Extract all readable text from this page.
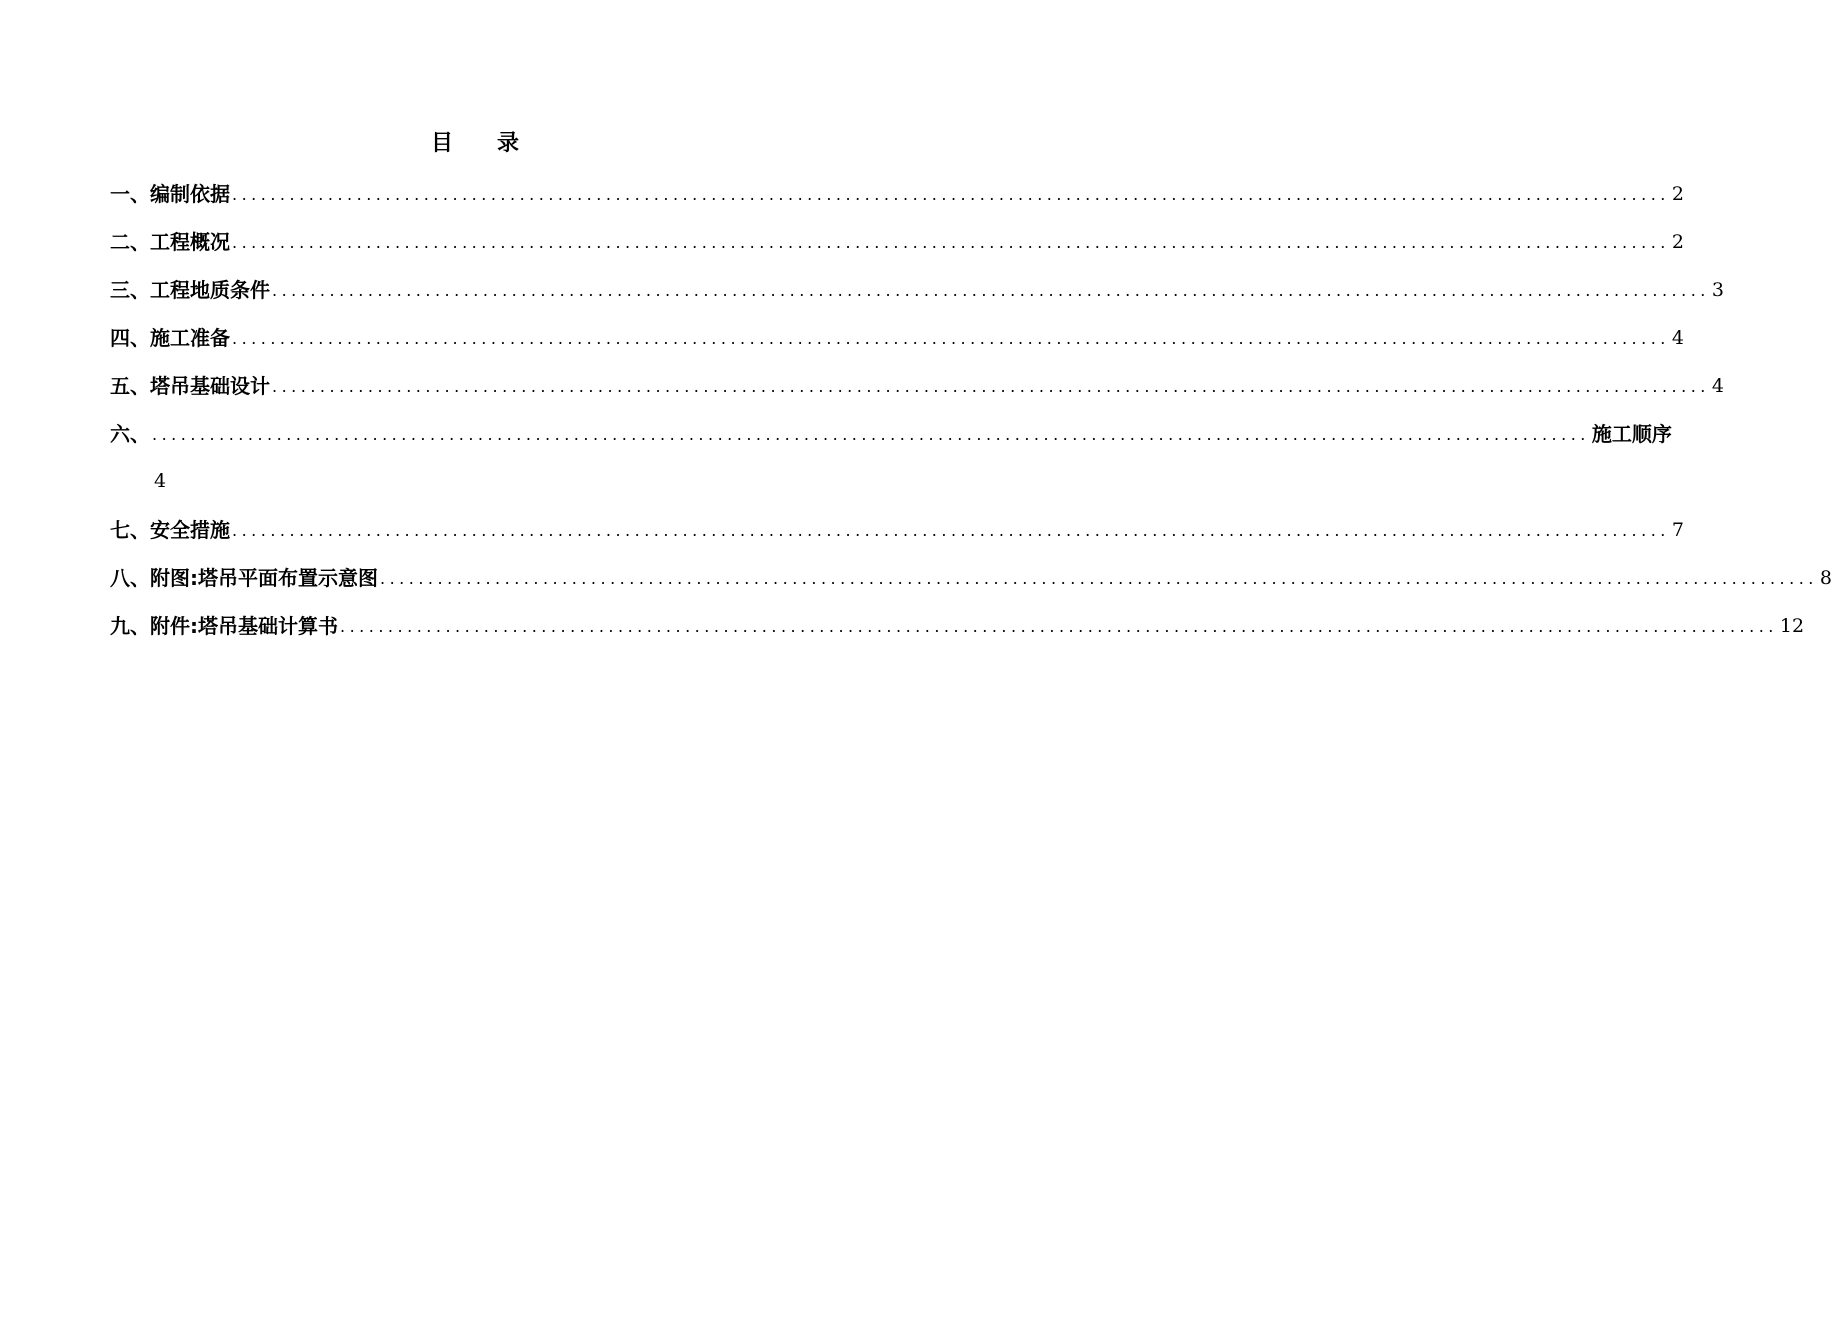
目　　录
一、编制依据 ...................................................................................................................................................... 2
二、工程概况 ...................................................................................................................................................... 2
三、工程地质条件 ...................................................................................................................................................... 3
四、施工准备 ...................................................................................................................................................... 4
五、塔吊基础设计 ...................................................................................................................................................... 4
六、 ...................................................................................................................................................... 施工顺序
4
七、安全措施 ...................................................................................................................................................... 7
八、附图:塔吊平面布置示意图 ...................................................................................................................................................... 8
九、附件:塔吊基础计算书 ...................................................................................................................................................... 12
